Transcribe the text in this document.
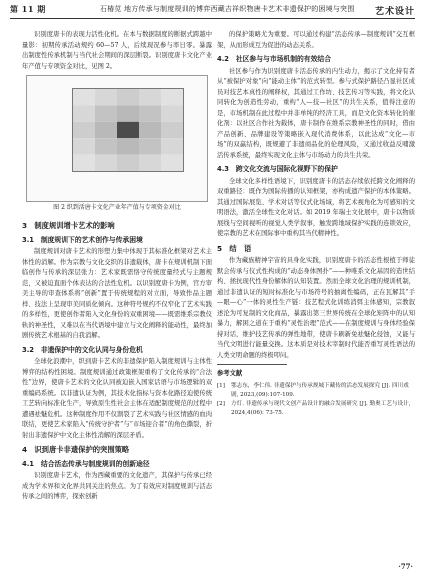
第 11 期	石椿苋 地方传承与制度规训的博弈西藏吉祥织物唐卡艺术非遗保护的困境与突围 艺术设计

识别度唐卡的表现力活性化机。在本与数据制度的断据式跨越中量影：初期传承活动规约 60—57 人，后续现况参与率日零。暴露出制度性传承机制与当代社会期间的深层断裂。识别度唐卡文化产业年产值与专项资金对比，见图 2。

图 2 织到活唐卡文化产业年产值与专项资金对比
3　制度规训增卡艺术的影响
3.1　制度规训下的艺术创作与传承困境

制度规训对唐卡艺术的形塑力集中体现于其标准化框架对艺术主体性的消解。作为宗教与文化交织的非遗载体，唐卡在规训机制下面临创作与传承的深层张力：艺术家既需恪守传统度量经式与主题规范，又被迫直面个体表达的合法性危机。以识别度唐卡为例，官方审美主导的审查体系将“创新”置于传统规程的对立面，导致作品主题样、技法上呈现审美同质化倾向。这种符号规约不仅窄化了艺术实践的多样性，更使创作者陷入文化身份的双重困境——既需维系宗教仪轨的神圣性，又难以在当代语境中建立与文化阐释的能动性，最终加剧传统艺术根基的自我消解。

3.2　非遗保护中的文化认同与身份危机

全球化浪潮中，织到唐卡艺术的非遗保护陷入制度规训与主体性博弈的结构性困境。制度规训通过政策框架重构了文化传承的“合法性”边界，使唐卡艺术的文化认同被迫嵌入国家话语与市场逻辑的双重编码系统。以非遗认证为例，其技术化指标与资本化路径迫使传统工艺转向标准化生产，导致原生性社会主体在适配制度规范的过程中遭遇祛魅危机。这种制度作用不仅割裂了艺术实践与社区情感的血肉联结，更使艺术家陷入“传统守护者”与“市场迎合者”的角色撕裂，折射出非遗保护中文化主体性消解的深层矛盾。

4　识到唐卡非遗保护的突围策略
4.1　结合活态传承与制度规训的创新途径

识别度唐卡艺术，作为西藏重要的文化遗产，其保护与传承已经成为学术界和文化界共同关注的焦点。为了有效应对制度规训与活态传承之间的博弈，探索创新

的保护策略尤为重要。可以通过构建“活态传承—制度规训”交互框架，从而形成互为促进的动态关系。

4.2　社区参与与市场机制的有效结合

社区参与作为识别度唐卡活态传承的内生动力，揭示了文化持有者从“被保护对象”向“能动主体”的范式转型。参与式保护路径凸显社区成员对技艺本真性的阐释权，其通过工作坊、技艺传习等实践，将文化认同转化为创造性劳动，重构“人—技—社区”的共生关系，值得注意的是，市场机制在此过程中并非单纯的经济工具，而是文化资本转化的催化剂：以社区合作社为载体，唐卡制作在维系宗教神圣性的同时，借由产品创新、品牌建设等策略嵌入现代消费体系，以此达成“文化—市场”的双赢结构，既规避了非遗商品化的伦理风险，又通过收益反哺激活传承系统，最终实现文化主体与市场动力的共生共荣。

4.3　跨文化交流与国际化视野下的保护

全球文化多样性语境下，识别度唐卡的活态存续依托跨文化阐释的双重路径：既作为国际传播的认知框架，亦构成遗产保护的本体策略。其通过国际展览、学术对话等仪式化场域，将艺术视角化为可感知的文明语法，激活全球性文化对话。如 2019 年瑞士文化展中，唐卡以物质展线与空间视听的视觉人类学叙事，触发跨地域保护实践的连锁效应，使宗教的艺术在国际事中重构其当代精神性。

5　结　语

作为藏族精神宇宙的具身化实践，识别度唐卡的活态性根植于师徒默会传承与仪式性构成的“动态身体图扑”——种唯系文化基因的造世结构、拯抗现代性身份解体的认知装置。然而全球文化治理的规训机制，通过非遗认证的短时标准化与市场符号的抽离性编码，正在瓦解其“手—眼—心”一体的灵性生产链：技艺程式化训练消弭主体感知，宗教叙述沦为可复制的文化商品，暴露出第三世界传统在全球化矩阵中的认知暴力，解困之道在于重构“灵性治理”范式——在制度规训与身体经验保持对话，维护技艺传承的弹性地带，使唐卡刷新免祛魅化侵蚀，又能与当代文明进行能量交换。这本质是对技术宰制时代能否重写灵性语法的人类文明命题的终极叩问。

参考文献
[1]	鄂志东，李仁伟. 非遗保护与传承规城下藏传的活态发展探究 [J]. 四川戏剧, 2023,(09):107-109.
[2]	方灯. 非遗传承与现代文创产品设计的融合发展研究 [J]. 勤奥工艺与设计, 2024,4(06): 73-75.
·77·
